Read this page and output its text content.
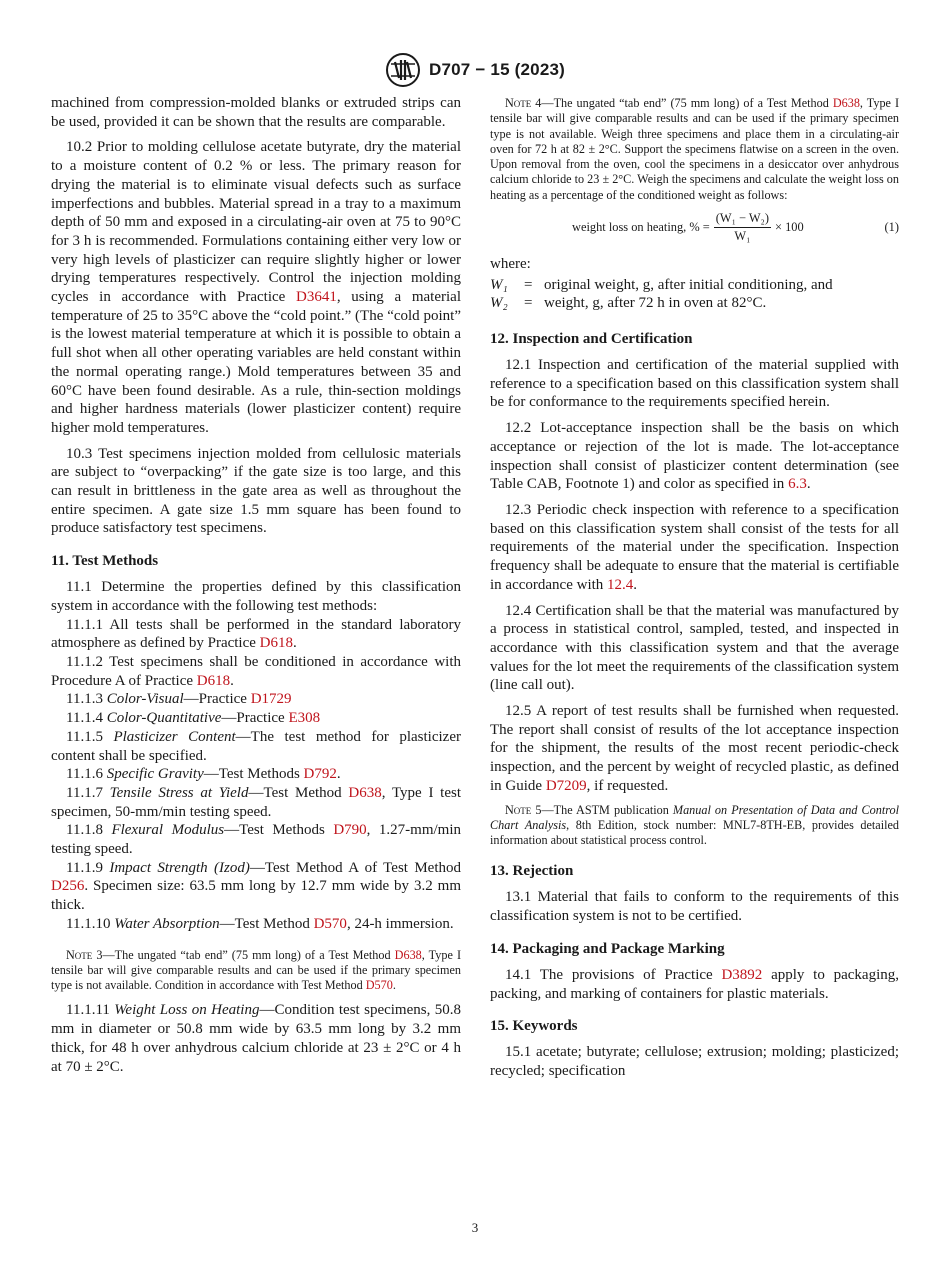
D707 − 15 (2023)

machined from compression-molded blanks or extruded strips can be used, provided it can be shown that the results are comparable.

10.2 Prior to molding cellulose acetate butyrate, dry the material to a moisture content of 0.2 % or less. The primary reason for drying the material is to eliminate visual defects such as surface imperfections and bubbles. Material spread in a tray to a maximum depth of 50 mm and exposed in a circulating-air oven at 75 to 90°C for 3 h is recommended. Formulations containing either very low or very high levels of plasticizer can require slightly higher or lower drying temperatures respectively. Control the injection molding cycles in accordance with Practice D3641, using a material temperature of 25 to 35°C above the “cold point.” (The “cold point” is the lowest material temperature at which it is possible to obtain a full shot when all other operating variables are held constant within the normal operating range.) Mold temperatures between 35 and 60°C have been found desirable. As a rule, thin-section moldings and higher hardness materials (lower plasticizer content) require higher mold temperatures.

10.3 Test specimens injection molded from cellulosic materials are subject to “overpacking” if the gate size is too large, and this can result in brittleness in the gate area as well as throughout the entire specimen. A gate size 1.5 mm square has been found to produce satisfactory test specimens.

11. Test Methods

11.1 Determine the properties defined by this classification system in accordance with the following test methods:

11.1.1 All tests shall be performed in the standard laboratory atmosphere as defined by Practice D618.

11.1.2 Test specimens shall be conditioned in accordance with Procedure A of Practice D618.

11.1.3 Color-Visual—Practice D1729

11.1.4 Color-Quantitative—Practice E308

11.1.5 Plasticizer Content—The test method for plasticizer content shall be specified.

11.1.6 Specific Gravity—Test Methods D792.

11.1.7 Tensile Stress at Yield—Test Method D638, Type I test specimen, 50-mm/min testing speed.

11.1.8 Flexural Modulus—Test Methods D790, 1.27-mm/min testing speed.

11.1.9 Impact Strength (Izod)—Test Method A of Test Method D256. Specimen size: 63.5 mm long by 12.7 mm wide by 3.2 mm thick.

11.1.10 Water Absorption—Test Method D570, 24-h immersion.

Note 3—The ungated “tab end” (75 mm long) of a Test Method D638, Type I tensile bar will give comparable results and can be used if the primary specimen type is not available. Condition in accordance with Test Method D570.

11.1.11 Weight Loss on Heating—Condition test specimens, 50.8 mm in diameter or 50.8 mm wide by 63.5 mm long by 3.2 mm thick, for 48 h over anhydrous calcium chloride at 23 ± 2°C or 4 h at 70 ± 2°C.

Note 4—The ungated “tab end” (75 mm long) of a Test Method D638, Type I tensile bar will give comparable results and can be used if the primary specimen type is not available. Weigh three specimens and place them in a circulating-air oven for 72 h at 82 ± 2°C. Support the specimens flatwise on a screen in the oven. Upon removal from the oven, cool the specimens in a desiccator over anhydrous calcium chloride to 23 ± 2°C. Weigh the specimens and calculate the weight loss on heating as a percentage of the conditioned weight as follows:

weight loss on heating, % = $\frac{\text{(W₁ − W₂)}}{\text{W₁}} \times 100$	(1)
where:
W₁	= original weight, g, after initial conditioning, and
W₂	= weight, g, after 72 h in oven at 82°C.
12. Inspection and Certification

12.1 Inspection and certification of the material supplied with reference to a specification based on this classification system shall be for conformance to the requirements specified herein.

12.2 Lot-acceptance inspection shall be the basis on which acceptance or rejection of the lot is made. The lot-acceptance inspection shall consist of plasticizer content determination (see Table CAB, Footnote 1) and color as specified in 6.3.

12.3 Periodic check inspection with reference to a specification based on this classification system shall consist of the tests for all requirements of the material under the specification. Inspection frequency shall be adequate to ensure that the material is certifiable in accordance with 12.4.

12.4 Certification shall be that the material was manufactured by a process in statistical control, sampled, tested, and inspected in accordance with this classification system and that the average values for the lot meet the requirements of the classification system (line call out).

12.5 A report of test results shall be furnished when requested. The report shall consist of results of the lot acceptance inspection for the shipment, the results of the most recent periodic-check inspection, and the percent by weight of recycled plastic, as defined in Guide D7209, if requested.

Note 5—The ASTM publication Manual on Presentation of Data and Control Chart Analysis, 8th Edition, stock number: MNL7-8TH-EB, provides detailed information about statistical process control.

13. Rejection

13.1 Material that fails to conform to the requirements of this classification system is not to be certified.

14. Packaging and Package Marking

14.1 The provisions of Practice D3892 apply to packaging, packing, and marking of containers for plastic materials.

15. Keywords

15.1 acetate; butyrate; cellulose; extrusion; molding; plasticized; recycled; specification

3
